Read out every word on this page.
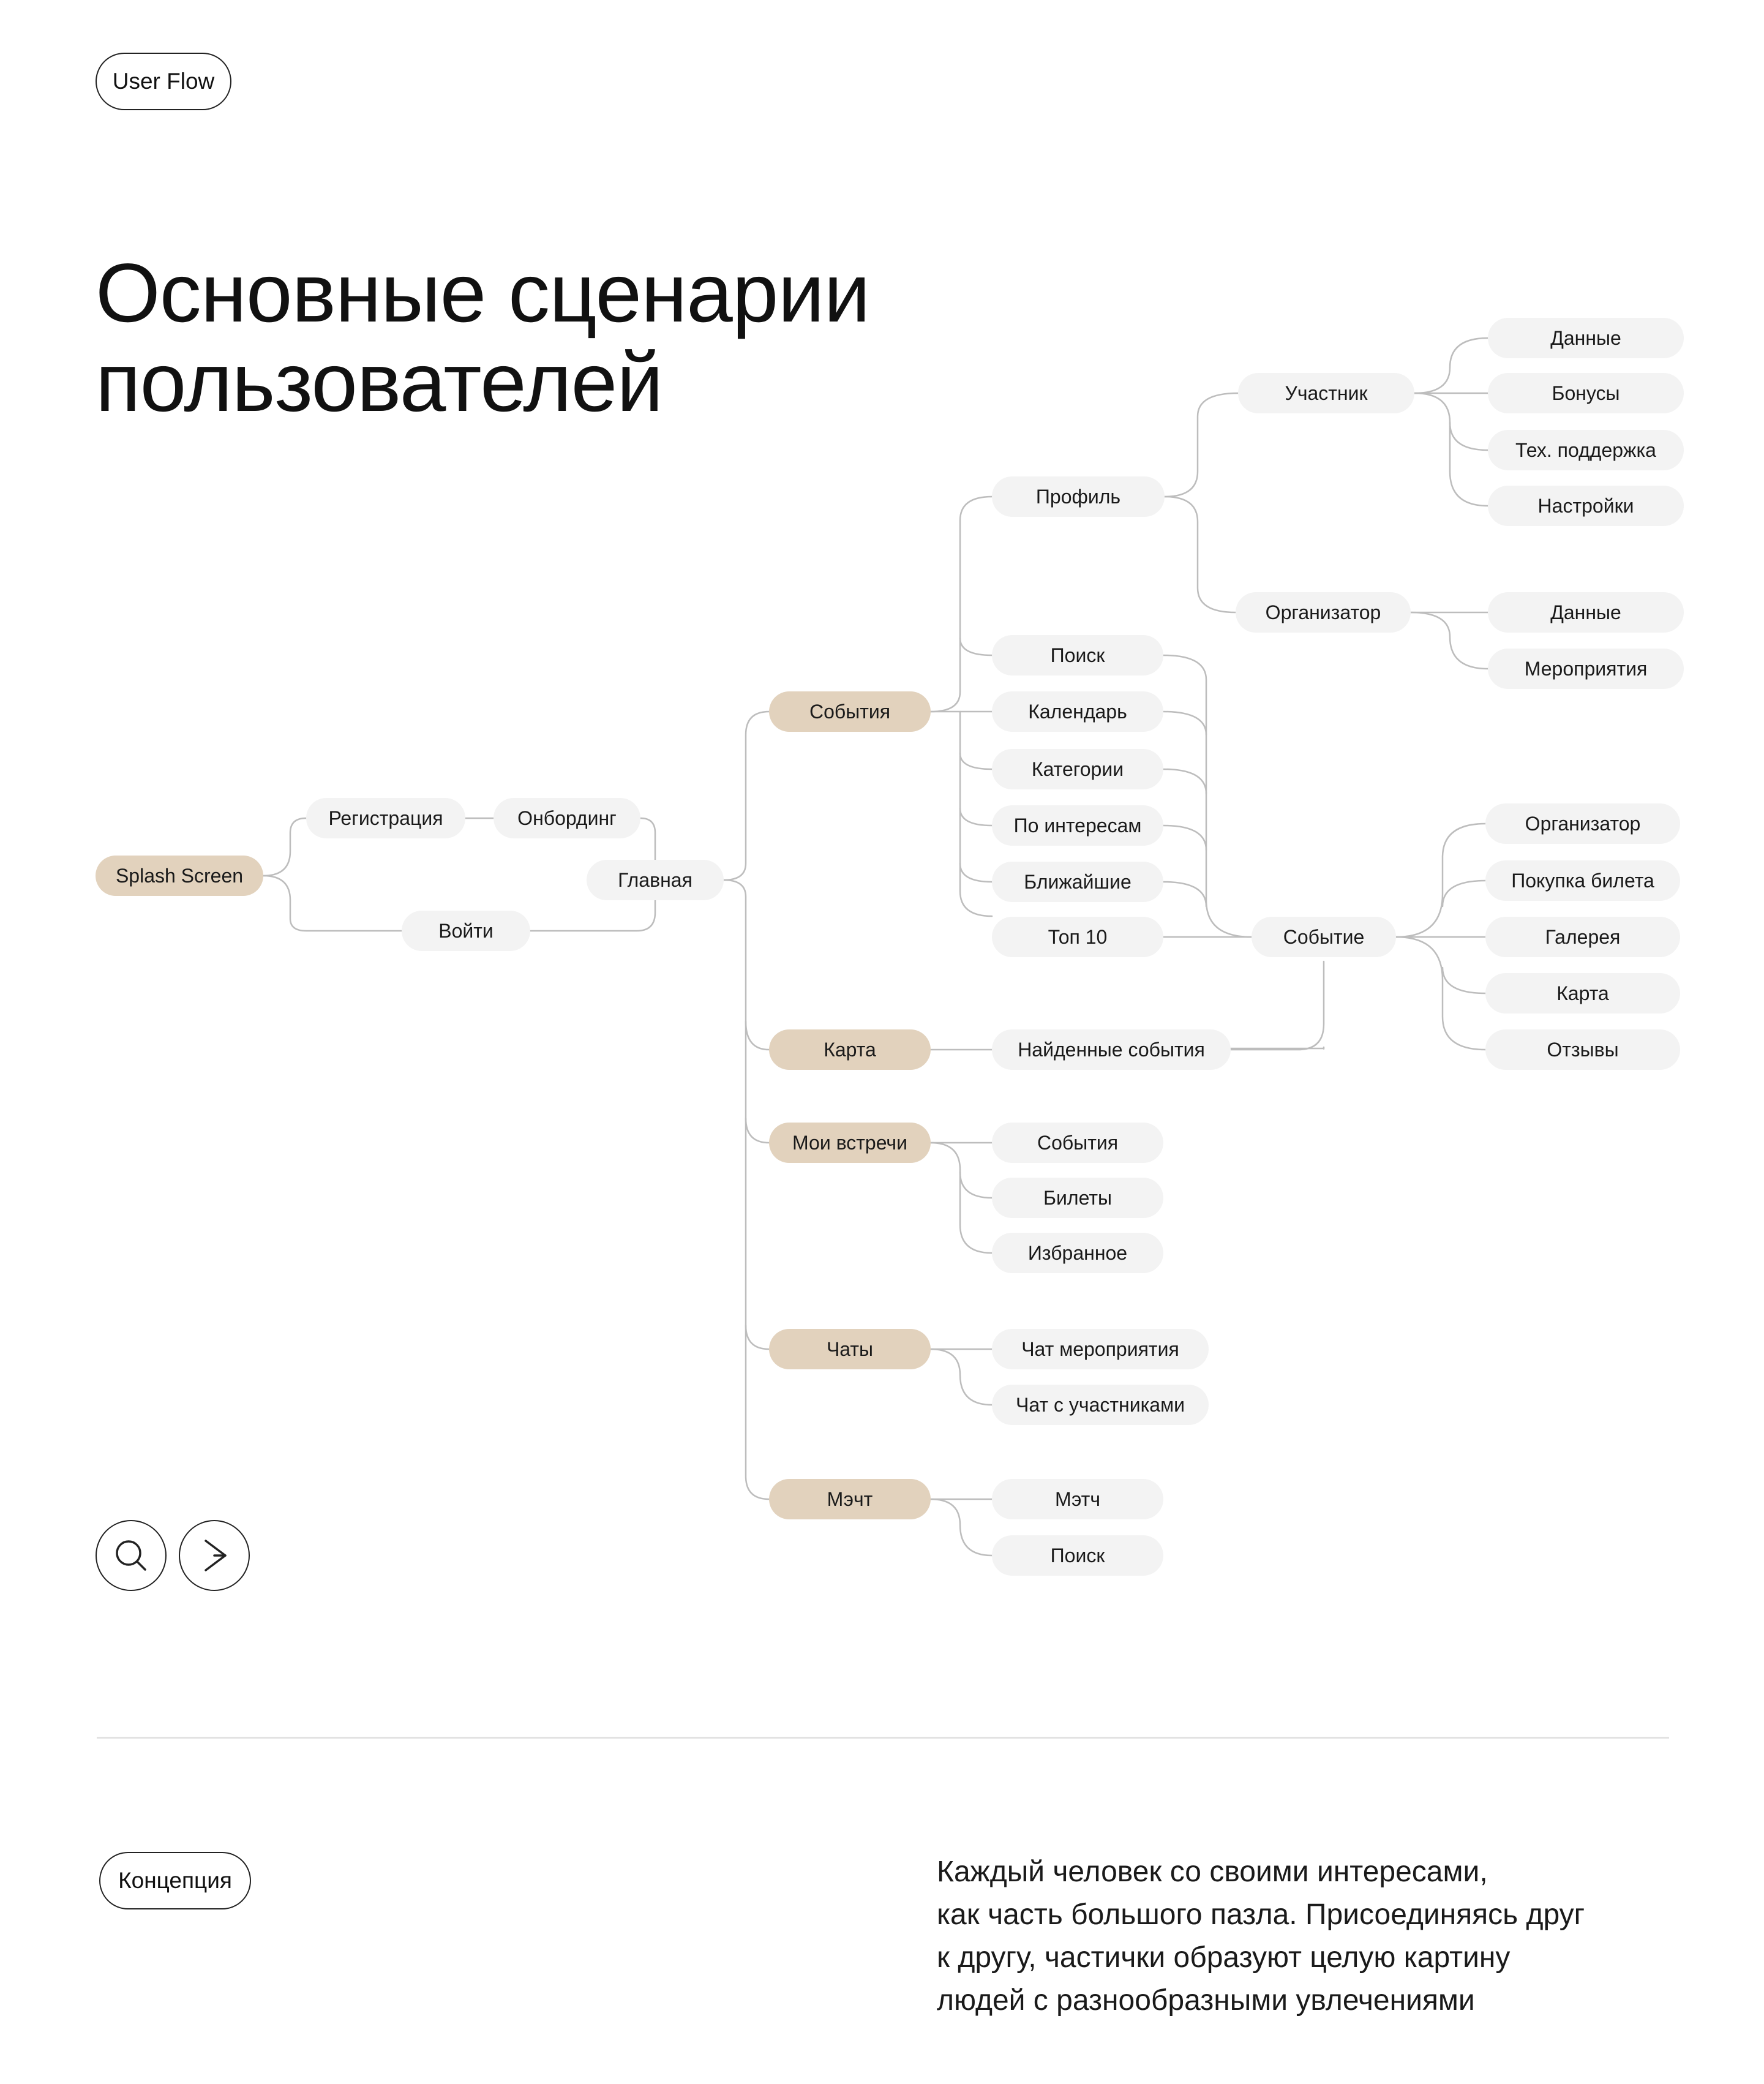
User Flow
Основные сценарии
пользователей
Splash Screen
Регистрация	Онбординг
Войти
Главная
События
Карта
Мои встречи
Чаты
Мэчт
Профиль
Участник
Организатор
Данные
Бонусы
Тех. поддержка
Настройки
Данные
Мероприятия
Поиск
Календарь
Категории
По интересам
Ближайшие
Топ 10	Событие
Организатор
Покупка билета
Галерея
Карта
Отзывы
Найденные события
События
Билеты
Избранное
Чат мероприятия
Чат с участниками
Мэтч
Поиск
Концепция	Каждый человек со своими интересами,
как часть большого пазла. Присоединяясь друг
к другу, частички образуют целую картину
людей с разнообразными увлечениями
